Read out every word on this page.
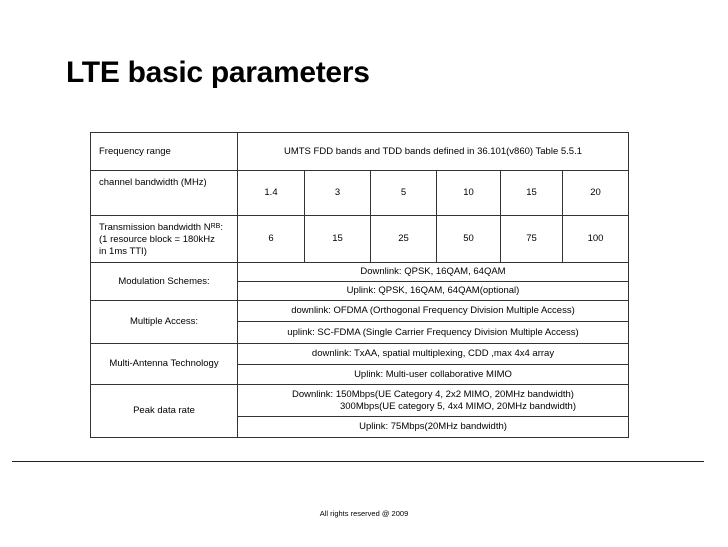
LTE basic parameters
Frequency range	UMTS FDD bands and TDD bands defined in 36.101(v860) Table 5.5.1					
channel bandwidth (MHz)	1.4	3	5	10	15	20
Transmission bandwidth $N^{RB}$:
(1 resource block = 180kHz
in 1ms TTI)	6	15	25	50	75	100
Modulation Schemes:	Downlink: QPSK, 16QAM, 64QAM					
	Uplink: QPSK, 16QAM, 64QAM(optional)					
Multiple Access:	downlink: OFDMA (Orthogonal Frequency Division Multiple Access)					
	uplink: SC-FDMA (Single Carrier Frequency Division Multiple Access)					
Multi-Antenna Technology	downlink: TxAA, spatial multiplexing, CDD ,max 4x4 array					
	Uplink: Multi-user collaborative MIMO					
Peak data rate	Downlink: 150Mbps(UE Category 4, 2x2 MIMO, 20MHz bandwidth)
300Mbps(UE category 5, 4x4 MIMO, 20MHz bandwidth)					
	Uplink: 75Mbps(20MHz bandwidth)					
All rights reserved @ 2009
